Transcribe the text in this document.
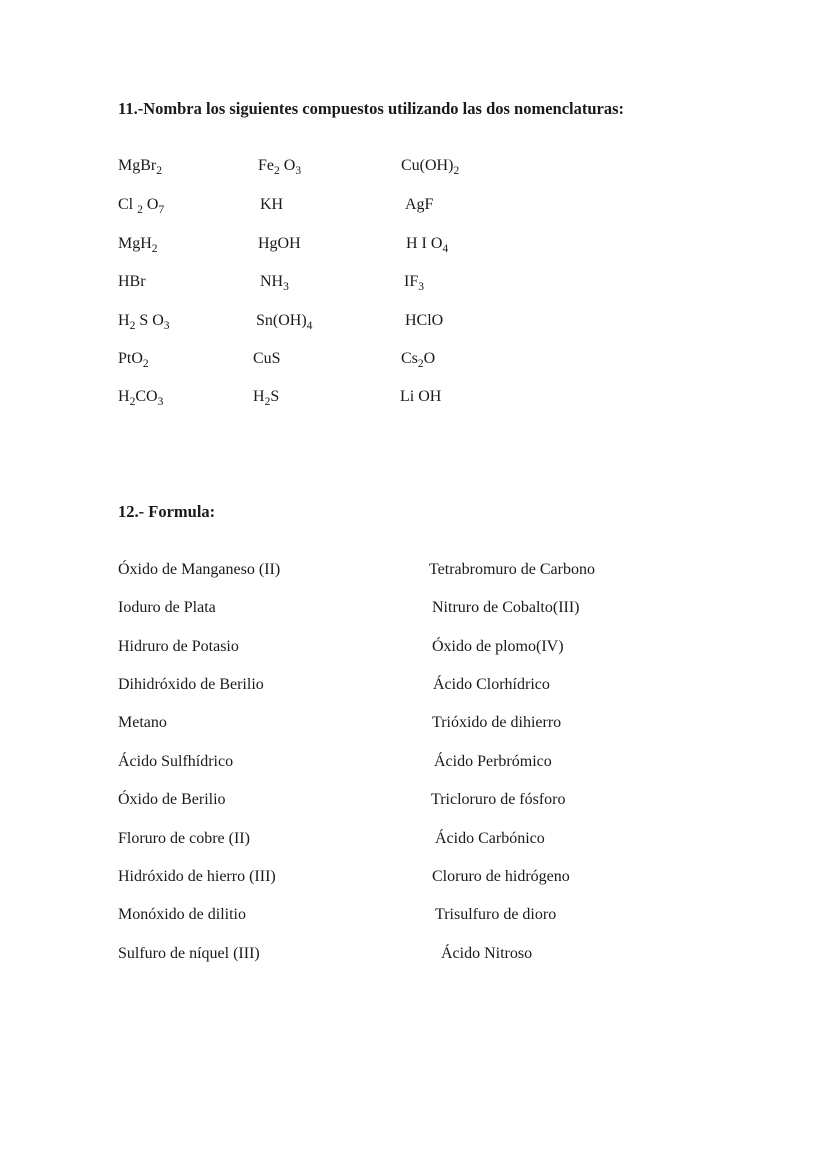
11.-Nombra los siguientes compuestos utilizando las dos nomenclaturas:
MgBr$_2$	$Fe_2$ $O_3$	$Cu(OH)_2$
Cl $_2$ $O_7$	KH	AgF
MgH$_2$	HgOH	H I $O_4$
HBr	$NH_3$	$IF_3$
$H_2$ S $O_3$	$Sn(OH)_4$	HClO
PtO$_2$	CuS	$Cs_2O$
$H_2CO_3$	$H_2S$	Li OH
12.- Formula:
Óxido de Manganeso (II)	Tetrabromuro de Carbono
Ioduro de Plata	Nitruro de Cobalto(III)
Hidruro de Potasio	Óxido de plomo(IV)
Dihidróxido de Berilio	Ácido Clorhídrico
Metano	Trióxido de dihierro
Ácido Sulfhídrico	Ácido Perbrómico
Óxido de Berilio	Tricloruro de fósforo
Floruro de cobre (II)	Ácido Carbónico
Hidróxido de hierro (III)	Cloruro de hidrógeno
Monóxido de dilitio	Trisulfuro de dioro
Sulfuro de níquel (III)	Ácido Nitroso
